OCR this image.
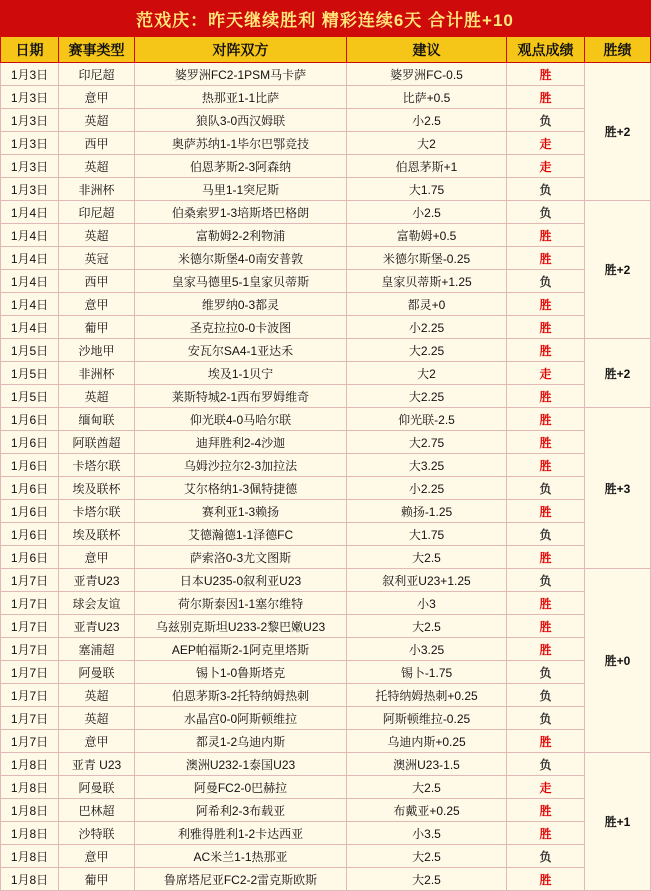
范戏庆：昨天继续胜利 精彩连续6天 合计胜+10
日期	赛事类型	对阵双方	建议	观点成绩	胜绩
1月3日	印尼超	婆罗洲FC2-1PSM马卡萨	婆罗洲FC-0.5	胜	胜+2
1月3日	意甲	热那亚1-1比萨	比萨+0.5	胜	
1月3日	英超	狼队3-0西汉姆联	小2.5	负	
1月3日	西甲	奥萨苏纳1-1毕尔巴鄂竞技	大2	走	
1月3日	英超	伯恩茅斯2-3阿森纳	伯恩茅斯+1	走	
1月3日	非洲杯	马里1-1突尼斯	大1.75	负	
1月4日	印尼超	伯桑索罗1-3培斯塔巴格朗	小2.5	负	胜+2
1月4日	英超	富勒姆2-2利物浦	富勒姆+0.5	胜	
1月4日	英冠	米德尔斯堡4-0南安普敦	米德尔斯堡-0.25	胜	
1月4日	西甲	皇家马德里5-1皇家贝蒂斯	皇家贝蒂斯+1.25	负	
1月4日	意甲	维罗纳0-3都灵	都灵+0	胜	
1月4日	葡甲	圣克拉拉0-0卡波图	小2.25	胜	
1月5日	沙地甲	安瓦尔SA4-1亚达禾	大2.25	胜	胜+2
1月5日	非洲杯	埃及1-1贝宁	大2	走	
1月5日	英超	莱斯特城2-1西布罗姆维奇	大2.25	胜	
1月6日	缅甸联	仰光联4-0马哈尔联	仰光联-2.5	胜	胜+3
1月6日	阿联酋超	迪拜胜利2-4沙迦	大2.75	胜	
1月6日	卡塔尔联	乌姆沙拉尔2-3加拉法	大3.25	胜	
1月6日	埃及联杯	艾尔格纳1-3佩特捷德	小2.25	负	
1月6日	卡塔尔联	赛利亚1-3赖扬	赖扬-1.25	胜	
1月6日	埃及联杯	艾德瀚德1-1泽德FC	大1.75	负	
1月6日	意甲	萨索洛0-3尤文图斯	大2.5	胜	
1月7日	亚青U23	日本U235-0叙利亚U23	叙利亚U23+1.25	负	胜+0
1月7日	球会友谊	荷尔斯泰因1-1塞尔维特	小3	胜	
1月7日	亚青U23	乌兹别克斯坦U233-2黎巴嫩U23	大2.5	胜	
1月7日	塞浦超	AEP帕福斯2-1阿克里塔斯	小3.25	胜	
1月7日	阿曼联	锡卜1-0鲁斯塔克	锡卜-1.75	负	
1月7日	英超	伯恩茅斯3-2托特纳姆热刺	托特纳姆热刺+0.25	负	
1月7日	英超	水晶宫0-0阿斯顿维拉	阿斯顿维拉-0.25	负	
1月7日	意甲	都灵1-2乌迪内斯	乌迪内斯+0.25	胜	
1月8日	亚青 U23	澳洲U232-1泰国U23	澳洲U23-1.5	负	胜+1
1月8日	阿曼联	阿曼FC2-0巴赫拉	大2.5	走	
1月8日	巴林超	阿希利2-3布载亚	布戴亚+0.25	胜	
1月8日	沙特联	利雅得胜利1-2卡达西亚	小3.5	胜	
1月8日	意甲	AC米兰1-1热那亚	大2.5	负	
1月8日	葡甲	鲁席塔尼亚FC2-2雷克斯欧斯	大2.5	胜	
